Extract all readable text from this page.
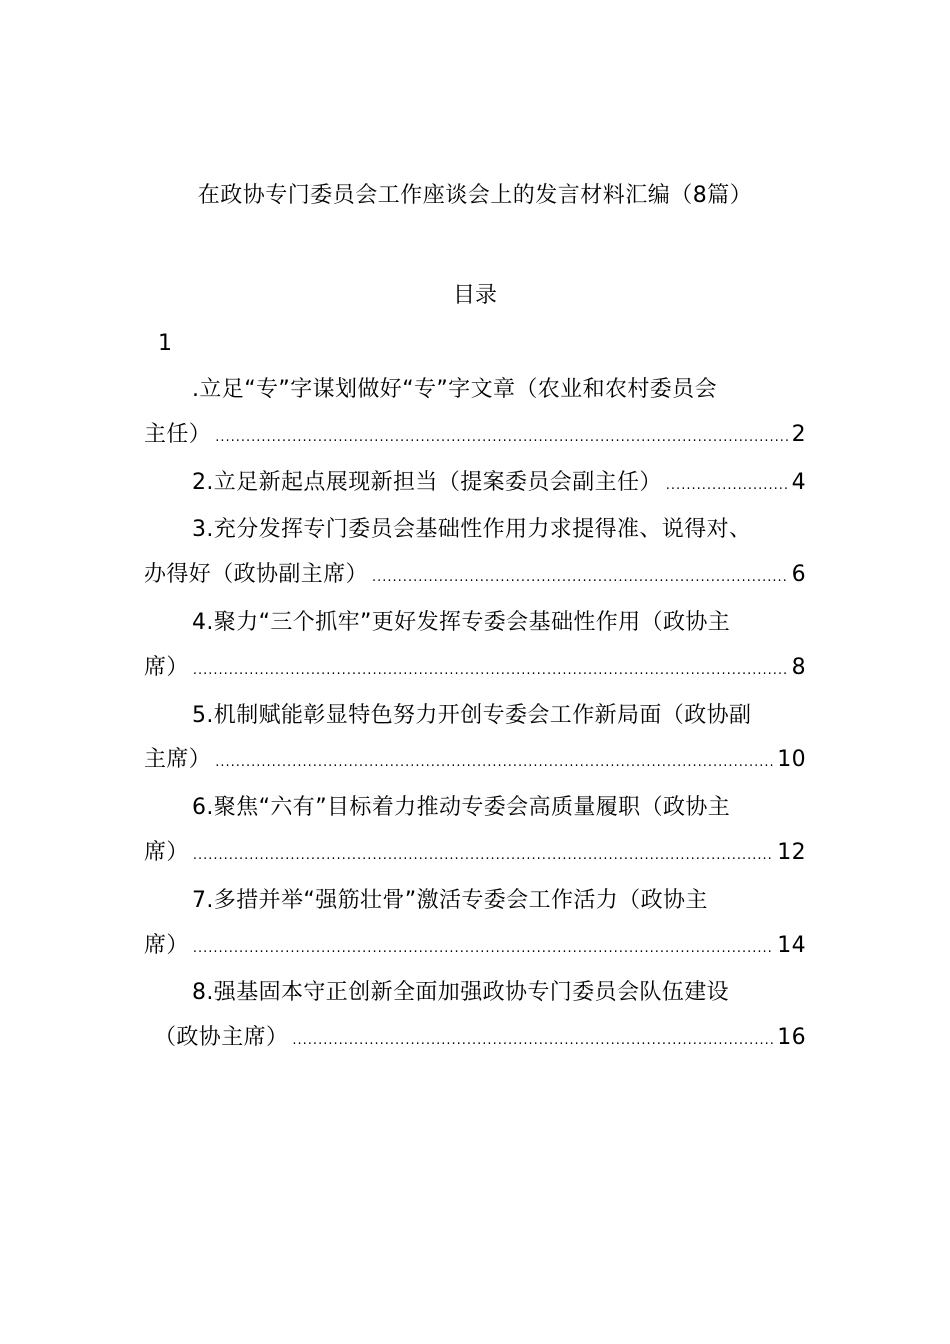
在政协专门委员会工作座谈会上的发言材料汇编（8篇）
目录
1
.立足“专”字谋划做好“专”字文章（农业和农村委员会
主任） .....	2
2.立足新起点展现新担当（提案委员会副主任） .....	4
3.充分发挥专门委员会基础性作用力求提得准、说得对、
办得好（政协副主席） .....	6
4.聚力“三个抓牢”更好发挥专委会基础性作用（政协主
席） .....	8
5.机制赋能彰显特色努力开创专委会工作新局面（政协副
主席） .....	10
6.聚焦“六有”目标着力推动专委会高质量履职（政协主
席） .....	12
7.多措并举“强筋壮骨”激活专委会工作活力（政协主
席） .....	14
8.强基固本守正创新全面加强政协专门委员会队伍建设
（政协主席） .....	16
